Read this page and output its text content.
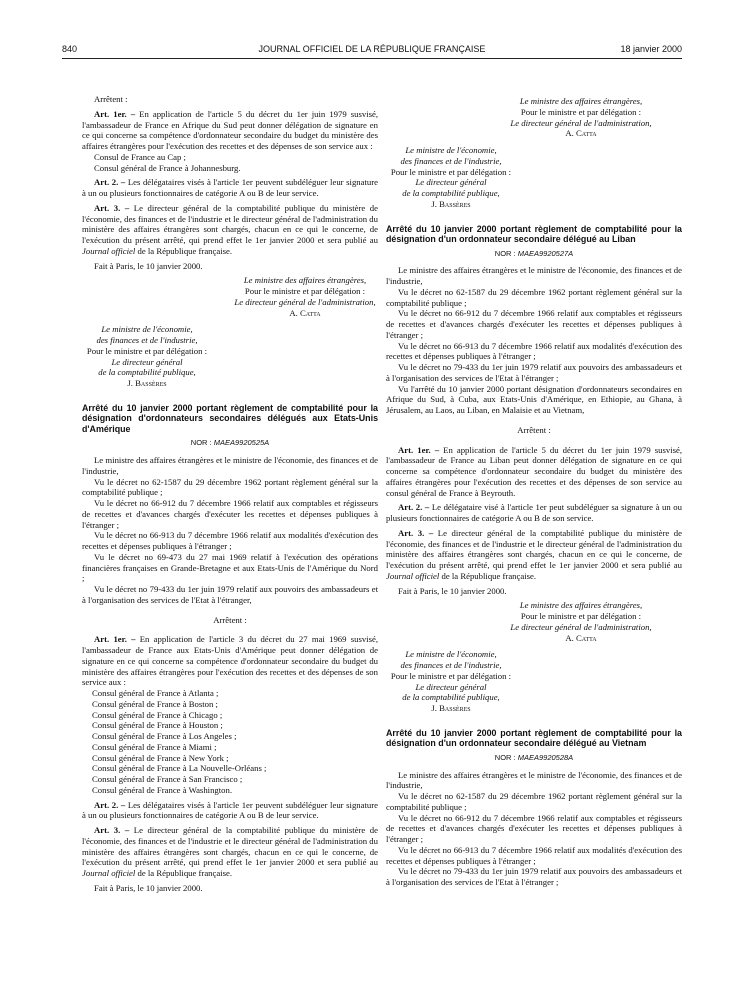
840	JOURNAL OFFICIEL DE LA RÉPUBLIQUE FRANÇAISE	18 janvier 2000

Arrêtent :

Art. 1er. – En application de l'article 5 du décret du 1er juin 1979 susvisé, l'ambassadeur de France en Afrique du Sud peut donner délégation de signature en ce qui concerne sa compétence d'ordonnateur secondaire du budget du ministère des affaires étrangères pour l'exécution des recettes et des dépenses de son service aux :

Consul de France au Cap ;

Consul général de France à Johannesburg.

Art. 2. – Les délégataires visés à l'article 1er peuvent subdéléguer leur signature à un ou plusieurs fonctionnaires de catégorie A ou B de leur service.

Art. 3. – Le directeur général de la comptabilité publique du ministère de l'économie, des finances et de l'industrie et le directeur général de l'administration du ministère des affaires étrangères sont chargés, chacun en ce qui le concerne, de l'exécution du présent arrêté, qui prend effet le 1er janvier 2000 et sera publié au Journal officiel de la République française.

Fait à Paris, le 10 janvier 2000.

Le ministre des affaires étrangères,

Pour le ministre et par délégation :

Le directeur général de l'administration,

A. Catta

Le ministre de l'économie,

des finances et de l'industrie,

Pour le ministre et par délégation :

Le directeur général

de la comptabilité publique,

J. Bassères

Arrêté du 10 janvier 2000 portant règlement de comptabilité pour la désignation d'ordonnateurs secondaires délégués aux Etats-Unis d'Amérique

NOR : MAEA9920525A

Le ministre des affaires étrangères et le ministre de l'économie, des finances et de l'industrie,

Vu le décret no 62-1587 du 29 décembre 1962 portant règlement général sur la comptabilité publique ;

Vu le décret no 66-912 du 7 décembre 1966 relatif aux comptables et régisseurs de recettes et d'avances chargés d'exécuter les recettes et dépenses publiques à l'étranger ;

Vu le décret no 66-913 du 7 décembre 1966 relatif aux modalités d'exécution des recettes et dépenses publiques à l'étranger ;

Vu le décret no 69-473 du 27 mai 1969 relatif à l'exécution des opérations financières françaises en Grande-Bretagne et aux Etats-Unis de l'Amérique du Nord ;

Vu le décret no 79-433 du 1er juin 1979 relatif aux pouvoirs des ambassadeurs et à l'organisation des services de l'Etat à l'étranger,

Arrêtent :

Art. 1er. – En application de l'article 3 du décret du 27 mai 1969 susvisé, l'ambassadeur de France aux Etats-Unis d'Amérique peut donner délégation de signature en ce qui concerne sa compétence d'ordonnateur secondaire du budget du ministère des affaires étrangères pour l'exécution des recettes et des dépenses de son service aux :

Consul général de France à Atlanta ;

Consul général de France à Boston ;

Consul général de France à Chicago ;

Consul général de France à Houston ;

Consul général de France à Los Angeles ;

Consul général de France à Miami ;

Consul général de France à New York ;

Consul général de France à La Nouvelle-Orléans ;

Consul général de France à San Francisco ;

Consul général de France à Washington.

Art. 2. – Les délégataires visés à l'article 1er peuvent subdéléguer leur signature à un ou plusieurs fonctionnaires de catégorie A ou B de leur service.

Art. 3. – Le directeur général de la comptabilité publique du ministère de l'économie, des finances et de l'industrie et le directeur général de l'administration du ministère des affaires étrangères sont chargés, chacun en ce qui le concerne, de l'exécution du présent arrêté, qui prend effet le 1er janvier 2000 et sera publié au Journal officiel de la République française.

Fait à Paris, le 10 janvier 2000.

Le ministre des affaires étrangères,

Pour le ministre et par délégation :

Le directeur général de l'administration,

A. Catta

Le ministre de l'économie,

des finances et de l'industrie,

Pour le ministre et par délégation :

Le directeur général

de la comptabilité publique,

J. Bassères

Arrêté du 10 janvier 2000 portant règlement de comptabilité pour la désignation d'un ordonnateur secondaire délégué au Liban

NOR : MAEA9920527A

Le ministre des affaires étrangères et le ministre de l'économie, des finances et de l'industrie,

Vu le décret no 62-1587 du 29 décembre 1962 portant règlement général sur la comptabilité publique ;

Vu le décret no 66-912 du 7 décembre 1966 relatif aux comptables et régisseurs de recettes et d'avances chargés d'exécuter les recettes et dépenses publiques à l'étranger ;

Vu le décret no 66-913 du 7 décembre 1966 relatif aux modalités d'exécution des recettes et dépenses publiques à l'étranger ;

Vu le décret no 79-433 du 1er juin 1979 relatif aux pouvoirs des ambassadeurs et à l'organisation des services de l'Etat à l'étranger ;

Vu l'arrêté du 10 janvier 2000 portant désignation d'ordonnateurs secondaires en Afrique du Sud, à Cuba, aux Etats-Unis d'Amérique, en Ethiopie, au Ghana, à Jérusalem, au Laos, au Liban, en Malaisie et au Vietnam,

Arrêtent :

Art. 1er. – En application de l'article 5 du décret du 1er juin 1979 susvisé, l'ambassadeur de France au Liban peut donner délégation de signature en ce qui concerne sa compétence d'ordonnateur secondaire du budget du ministère des affaires étrangères pour l'exécution des recettes et des dépenses de son service au consul général de France à Beyrouth.

Art. 2. – Le délégataire visé à l'article 1er peut subdéléguer sa signature à un ou plusieurs fonctionnaires de catégorie A ou B de son service.

Art. 3. – Le directeur général de la comptabilité publique du ministère de l'économie, des finances et de l'industrie et le directeur général de l'administration du ministère des affaires étrangères sont chargés, chacun en ce qui le concerne, de l'exécution du présent arrêté, qui prend effet le 1er janvier 2000 et sera publié au Journal officiel de la République française.

Fait à Paris, le 10 janvier 2000.

Le ministre des affaires étrangères,

Pour le ministre et par délégation :

Le directeur général de l'administration,

A. Catta

Le ministre de l'économie,

des finances et de l'industrie,

Pour le ministre et par délégation :

Le directeur général

de la comptabilité publique,

J. Bassères

Arrêté du 10 janvier 2000 portant règlement de comptabilité pour la désignation d'un ordonnateur secondaire délégué au Vietnam

NOR : MAEA9920528A

Le ministre des affaires étrangères et le ministre de l'économie, des finances et de l'industrie,

Vu le décret no 62-1587 du 29 décembre 1962 portant règlement général sur la comptabilité publique ;

Vu le décret no 66-912 du 7 décembre 1966 relatif aux comptables et régisseurs de recettes et d'avances chargés d'exécuter les recettes et dépenses publiques à l'étranger ;

Vu le décret no 66-913 du 7 décembre 1966 relatif aux modalités d'exécution des recettes et dépenses publiques à l'étranger ;

Vu le décret no 79-433 du 1er juin 1979 relatif aux pouvoirs des ambassadeurs et à l'organisation des services de l'Etat à l'étranger ;
